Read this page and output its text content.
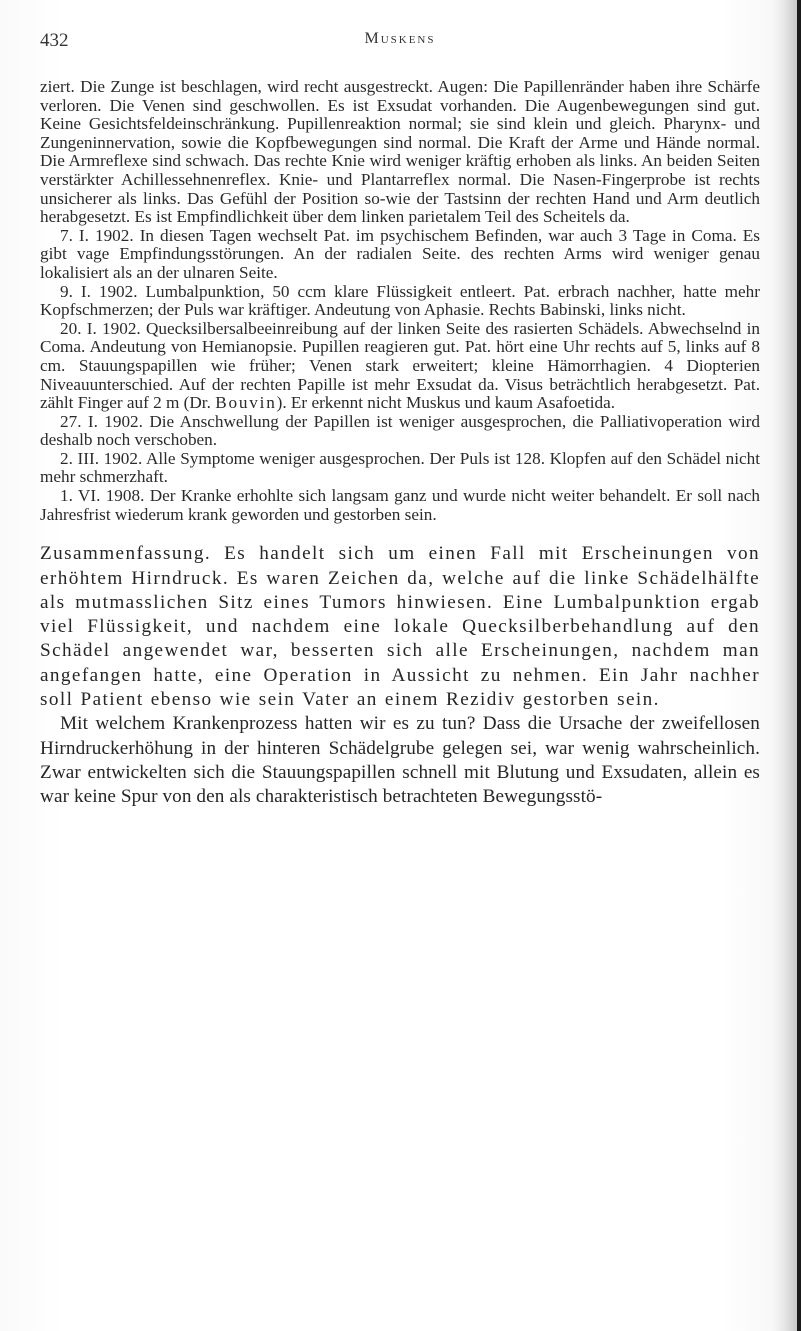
432	Muskens

ziert. Die Zunge ist beschlagen, wird recht ausgestreckt. Augen: Die Papillenränder haben ihre Schärfe verloren. Die Venen sind geschwollen. Es ist Exsudat vorhanden. Die Augenbewegungen sind gut. Keine Gesichtsfeldeinschränkung. Pupillenreaktion normal; sie sind klein und gleich. Pharynx- und Zungeninnervation, sowie die Kopfbewegungen sind normal. Die Kraft der Arme und Hände normal. Die Armreflexe sind schwach. Das rechte Knie wird weniger kräftig erhoben als links. An beiden Seiten verstärkter Achillessehnenreflex. Knie- und Plantarreflex normal. Die Nasen-Fingerprobe ist rechts unsicherer als links. Das Gefühl der Position so-wie der Tastsinn der rechten Hand und Arm deutlich herabgesetzt. Es ist Empfindlichkeit über dem linken parietalem Teil des Scheitels da.

7. I. 1902. In diesen Tagen wechselt Pat. im psychischem Befinden, war auch 3 Tage in Coma. Es gibt vage Empfindungsstörungen. An der radialen Seite. des rechten Arms wird weniger genau lokalisiert als an der ulnaren Seite.

9. I. 1902. Lumbalpunktion, 50 ccm klare Flüssigkeit entleert. Pat. erbrach nachher, hatte mehr Kopfschmerzen; der Puls war kräftiger. Andeutung von Aphasie. Rechts Babinski, links nicht.

20. I. 1902. Quecksilbersalbeeinreibung auf der linken Seite des rasierten Schädels. Abwechselnd in Coma. Andeutung von Hemianopsie. Pupillen reagieren gut. Pat. hört eine Uhr rechts auf 5, links auf 8 cm. Stauungspapillen wie früher; Venen stark erweitert; kleine Hämorrhagien. 4 Diopterien Niveauunterschied. Auf der rechten Papille ist mehr Exsudat da. Visus beträchtlich herabgesetzt. Pat. zählt Finger auf 2 m (Dr. Bouvin). Er erkennt nicht Muskus und kaum Asafoetida.

27. I. 1902. Die Anschwellung der Papillen ist weniger ausgesprochen, die Palliativoperation wird deshalb noch verschoben.

2. III. 1902. Alle Symptome weniger ausgesprochen. Der Puls ist 128. Klopfen auf den Schädel nicht mehr schmerzhaft.

1. VI. 1908. Der Kranke erhohlte sich langsam ganz und wurde nicht weiter behandelt. Er soll nach Jahresfrist wiederum krank geworden und gestorben sein.

Zusammenfassung. Es handelt sich um einen Fall mit Erscheinungen von erhöhtem Hirndruck. Es waren Zeichen da, welche auf die linke Schädelhälfte als mutmasslichen Sitz eines Tumors hinwiesen. Eine Lumbalpunktion ergab viel Flüssigkeit, und nachdem eine lokale Quecksilberbehandlung auf den Schädel angewendet war, besserten sich alle Erscheinungen, nachdem man angefangen hatte, eine Operation in Aussicht zu nehmen. Ein Jahr nachher soll Patient ebenso wie sein Vater an einem Rezidiv gestorben sein.

Mit welchem Krankenprozess hatten wir es zu tun? Dass die Ursache der zweifellosen Hirndruckerhöhung in der hinteren Schädelgrube gelegen sei, war wenig wahrscheinlich. Zwar entwickelten sich die Stauungspapillen schnell mit Blutung und Exsudaten, allein es war keine Spur von den als charakteristisch betrachteten Bewegungsstö-
